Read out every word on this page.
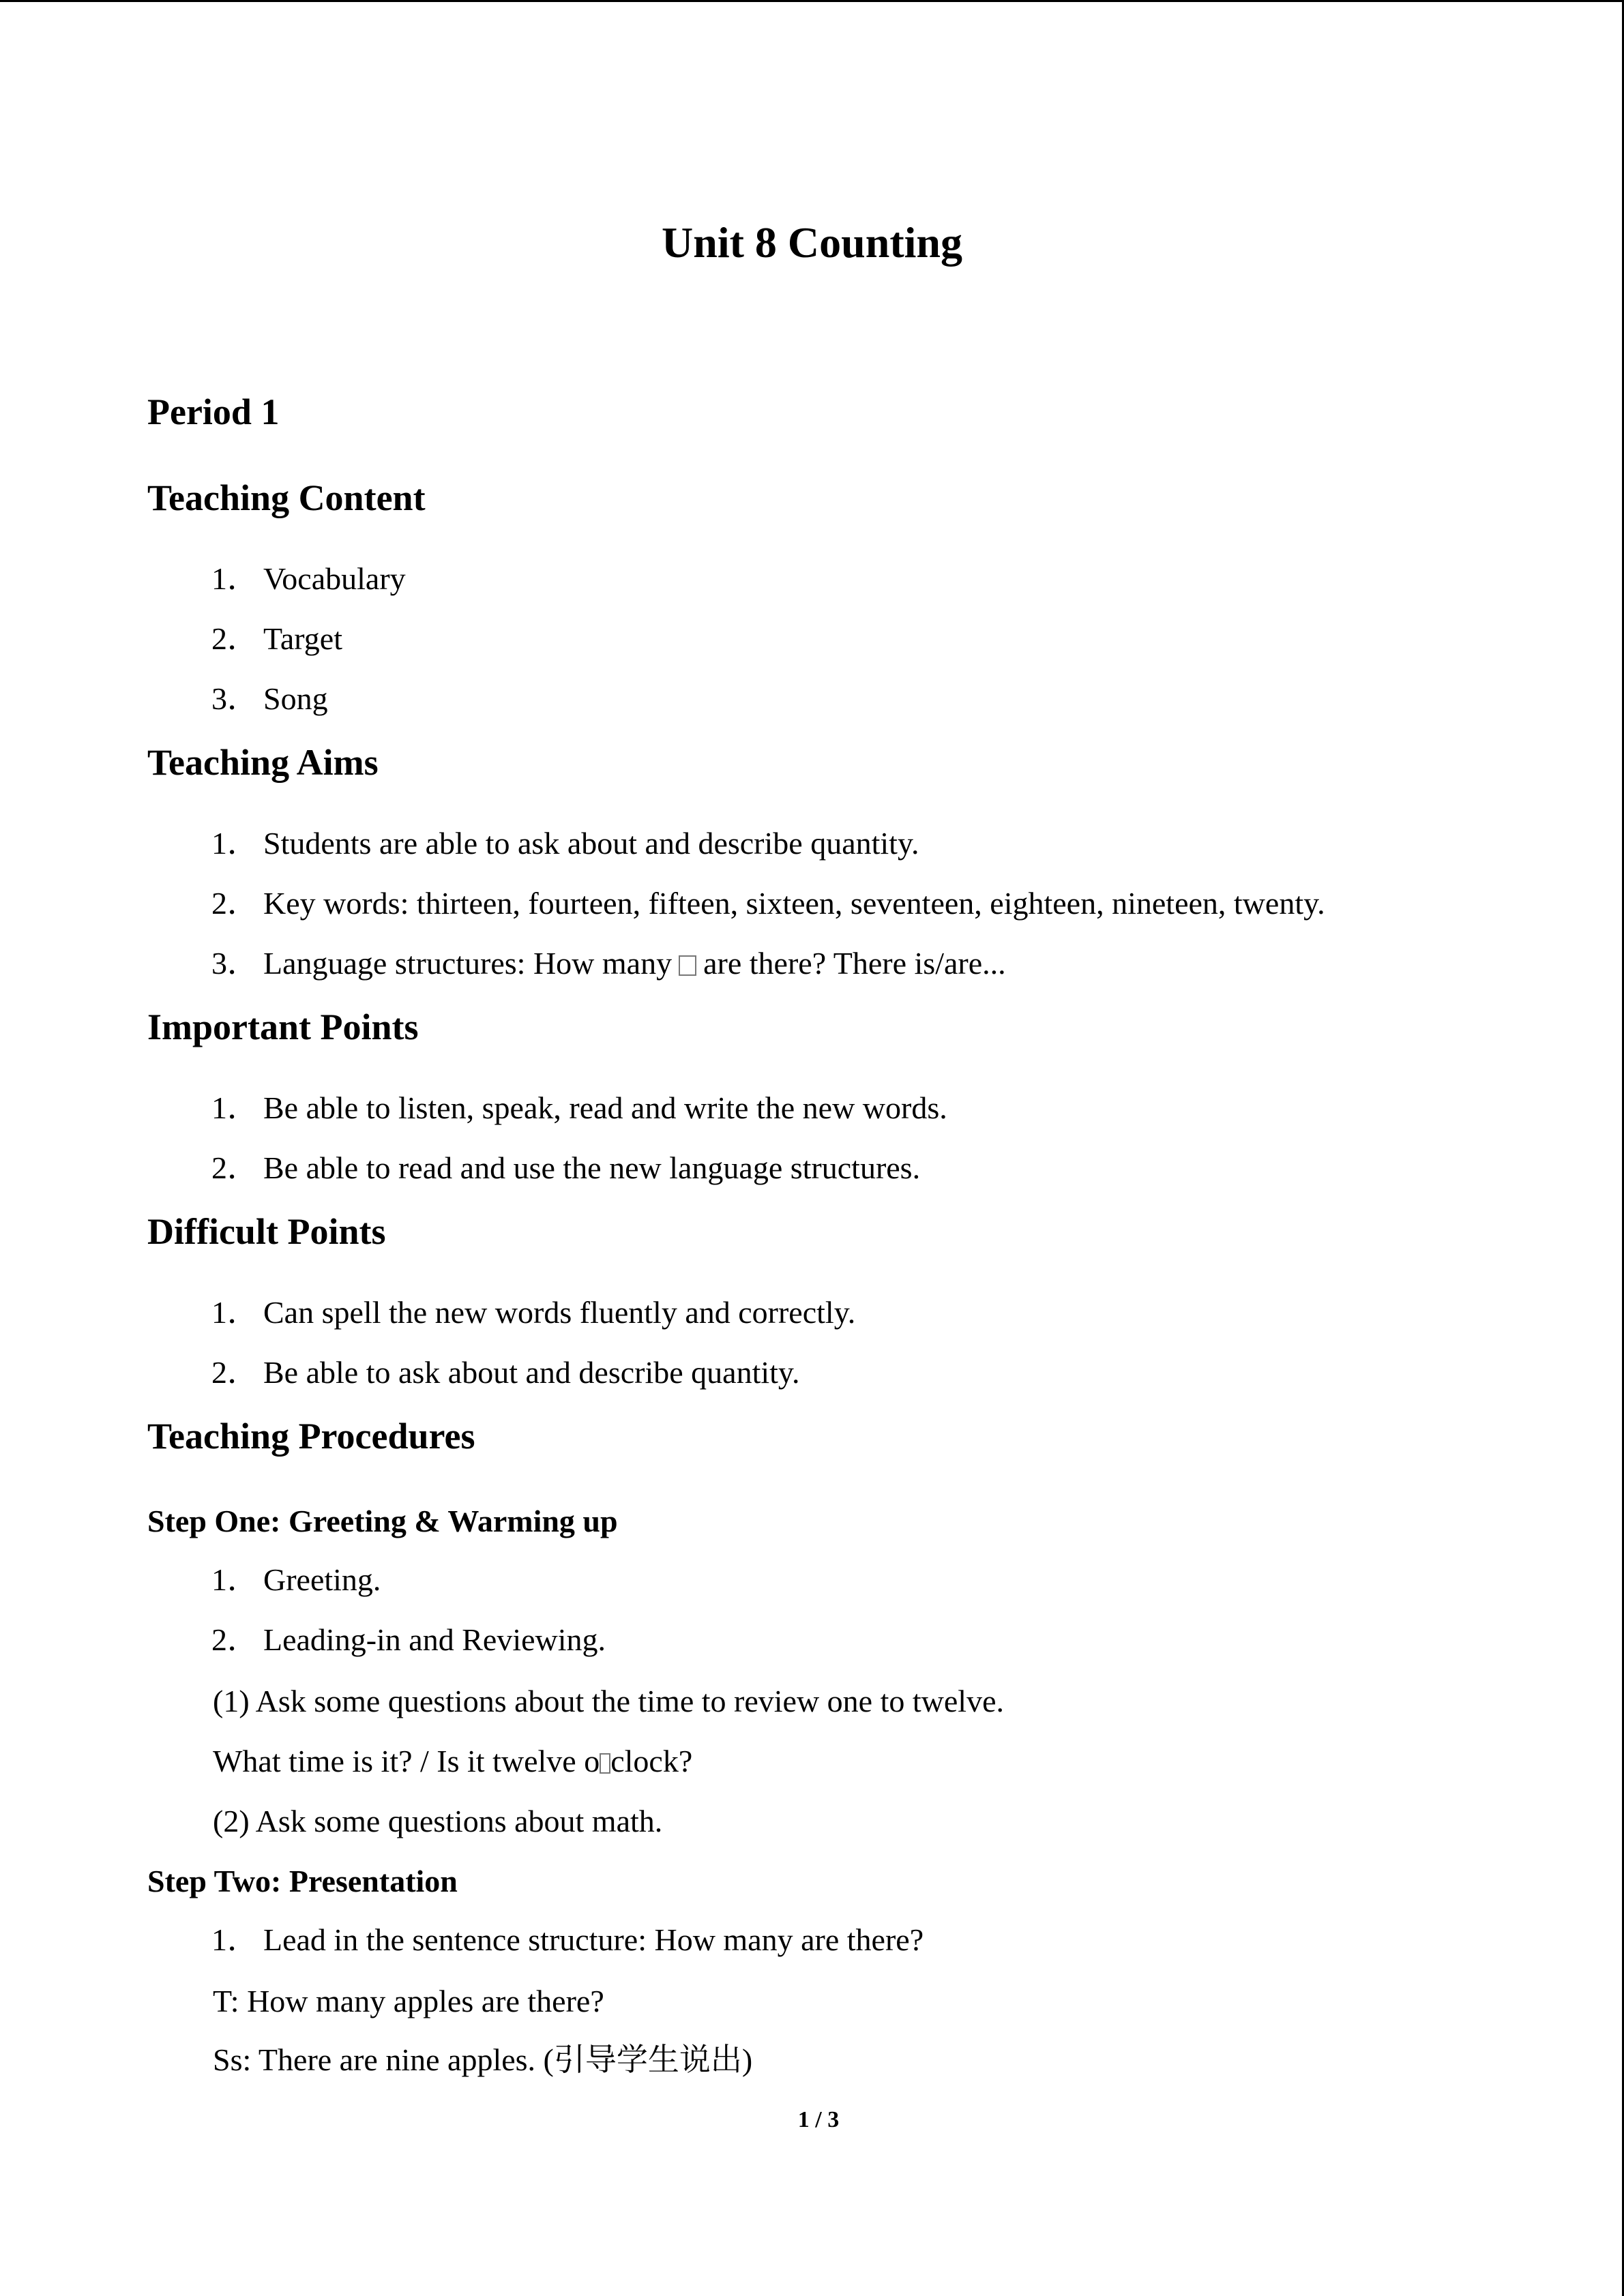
Unit 8 Counting
Period 1
Teaching Content

1． Vocabulary

2． Target

3． Song

Teaching Aims

1． Students are able to ask about and describe quantity.

2． Key words: thirteen, fourteen, fifteen, sixteen, seventeen, eighteen, nineteen, twenty.

3． Language structures: How many are there? There is/are...

Important Points

1． Be able to listen, speak, read and write the new words.

2． Be able to read and use the new language structures.

Difficult Points

1． Can spell the new words fluently and correctly.

2． Be able to ask about and describe quantity.

Teaching Procedures
Step One: Greeting & Warming up

1． Greeting.

2． Leading-in and Reviewing.

(1) Ask some questions about the time to review one to twelve.

What time is it? / Is it twelve o clock?

(2) Ask some questions about math.

Step Two: Presentation

1． Lead in the sentence structure: How many are there?

T: How many apples are there?

Ss: There are nine apples. (引导学生说出)

1 / 3
